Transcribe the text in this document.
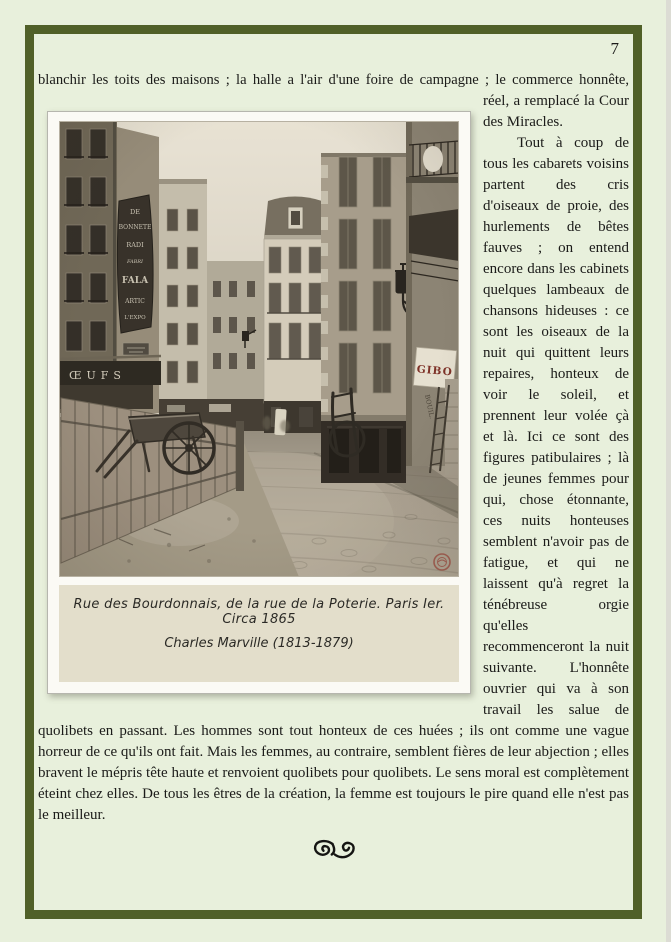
7

blanchir les toits des maisons ; la halle a l'air d'une foire de campagne ; le commerce honnête,

Rue des Bourdonnais, de la rue de la Poterie. Paris Ier. Circa 1865
Charles Marville (1813-1879)

réel, a remplacé la Cour des Miracles.

Tout à coup de tous les cabarets voisins partent des cris d'oiseaux de proie, des hurlements de bêtes fauves ; on entend encore dans les cabinets quelques lambeaux de chansons hideuses : ce sont les oiseaux de la nuit qui quittent leurs repaires, honteux de voir le soleil, et prennent leur volée çà et là. Ici ce sont des figures patibulaires ; là de jeunes femmes pour qui, chose étonnante, ces nuits honteuses semblent n'avoir pas de fatigue, et qui ne laissent qu'à regret la ténébreuse orgie qu'elles recommenceront la nuit suivante. L'honnête ouvrier qui va à son travail les salue de quolibets en passant. Les hommes sont tout honteux de ces huées ; ils ont comme une vague horreur de ce qu'ils ont fait. Mais les femmes, au contraire, semblent fières de leur abjection ; elles bravent le mépris tête haute et renvoient quolibets pour quolibets. Le sens moral est complètement éteint chez elles. De tous les êtres de la création, la femme est toujours le pire quand elle n'est pas le meilleur.
